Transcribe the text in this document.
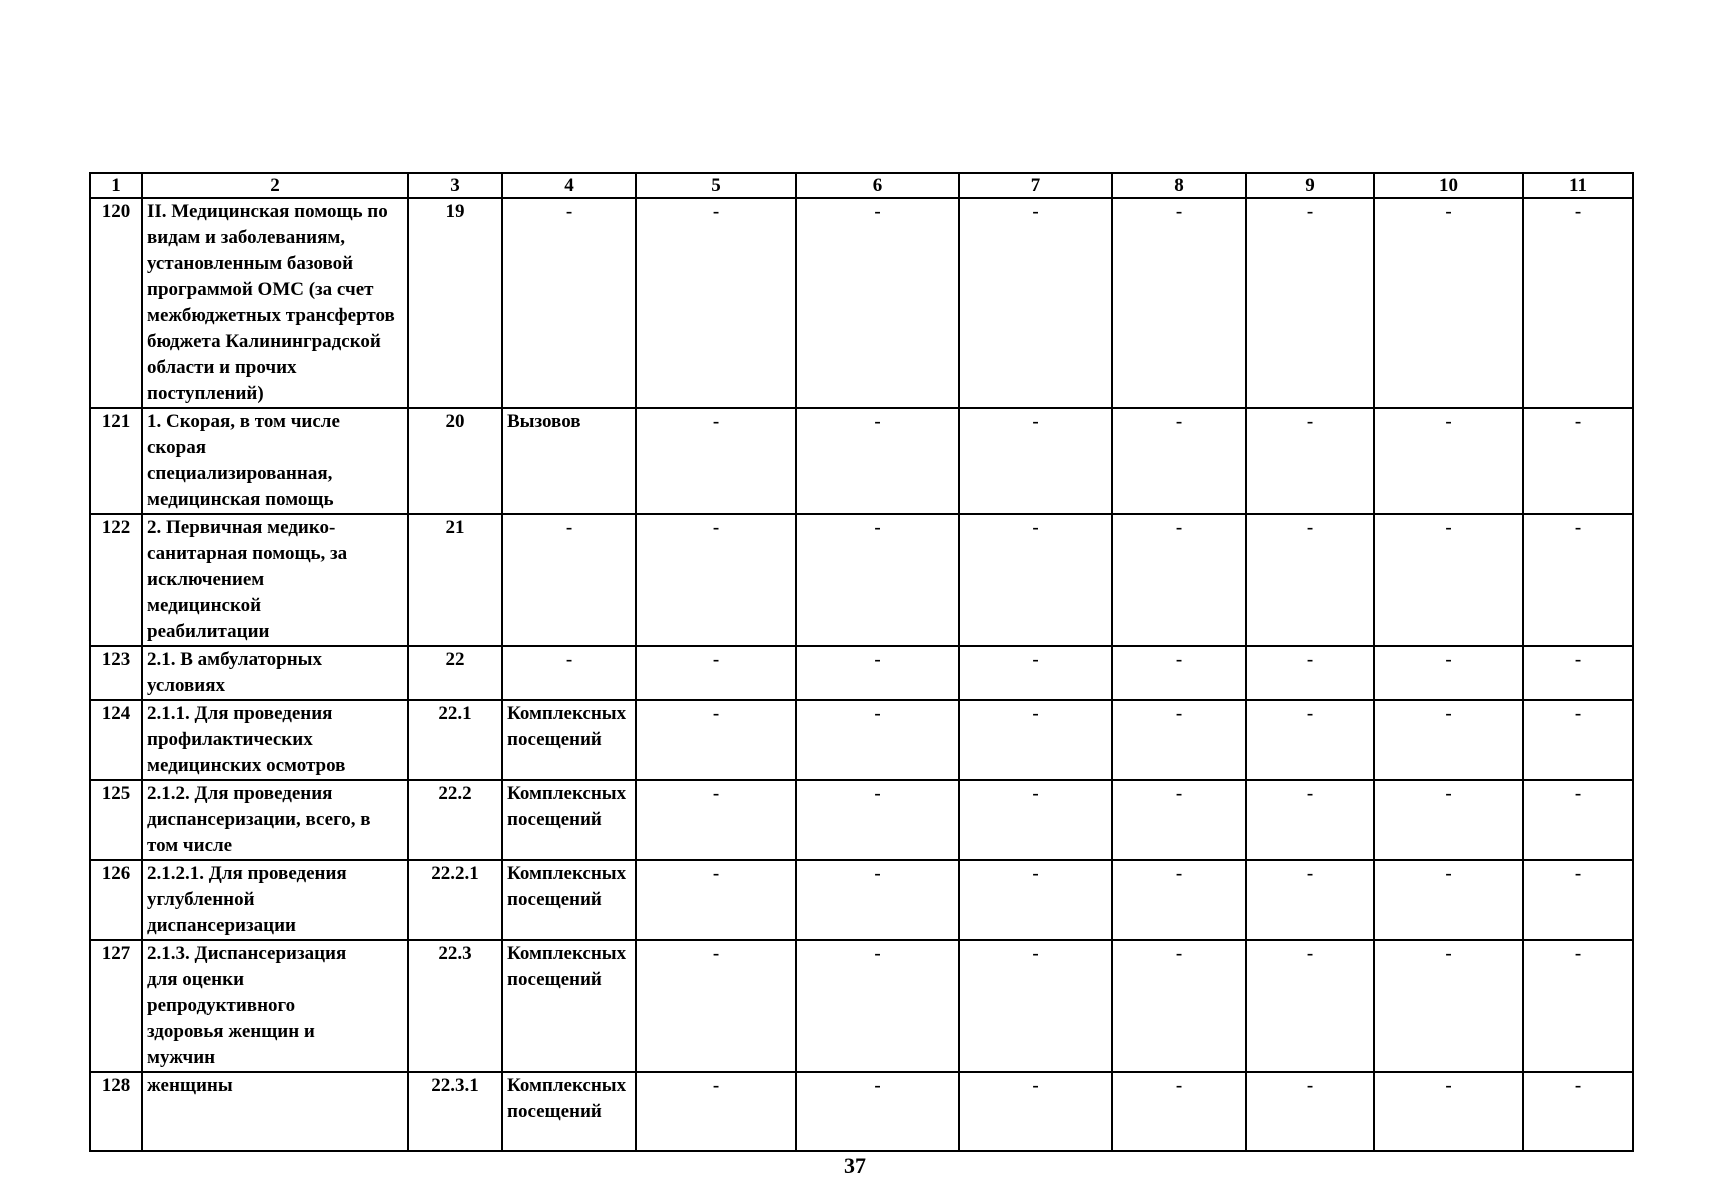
1	2	3	4	5	6	7	8	9	10	11
120	II. Медицинская помощь по видам и заболеваниям, установленным базовой программой ОМС (за счет межбюджетных трансфертов бюджета Калининградской области и прочих поступлений)	19	-	-	-	-	-	-	-	-
121	1. Скорая, в том числе скорая специализированная, медицинская помощь	20	Вызовов	-	-	-	-	-	-	-
122	2. Первичная медико-санитарная помощь, за исключением медицинской реабилитации	21	-	-	-	-	-	-	-	-
123	2.1. В амбулаторных условиях	22	-	-	-	-	-	-	-	-
124	2.1.1. Для проведения профилактических медицинских осмотров	22.1	Комплексных посещений	-	-	-	-	-	-	-
125	2.1.2. Для проведения диспансеризации, всего, в том числе	22.2	Комплексных посещений	-	-	-	-	-	-	-
126	2.1.2.1. Для проведения углубленной диспансеризации	22.2.1	Комплексных посещений	-	-	-	-	-	-	-
127	2.1.3. Диспансеризация для оценки репродуктивного здоровья женщин и мужчин	22.3	Комплексных посещений	-	-	-	-	-	-	-
128	женщины	22.3.1	Комплексных посещений	-	-	-	-	-	-	-
37
